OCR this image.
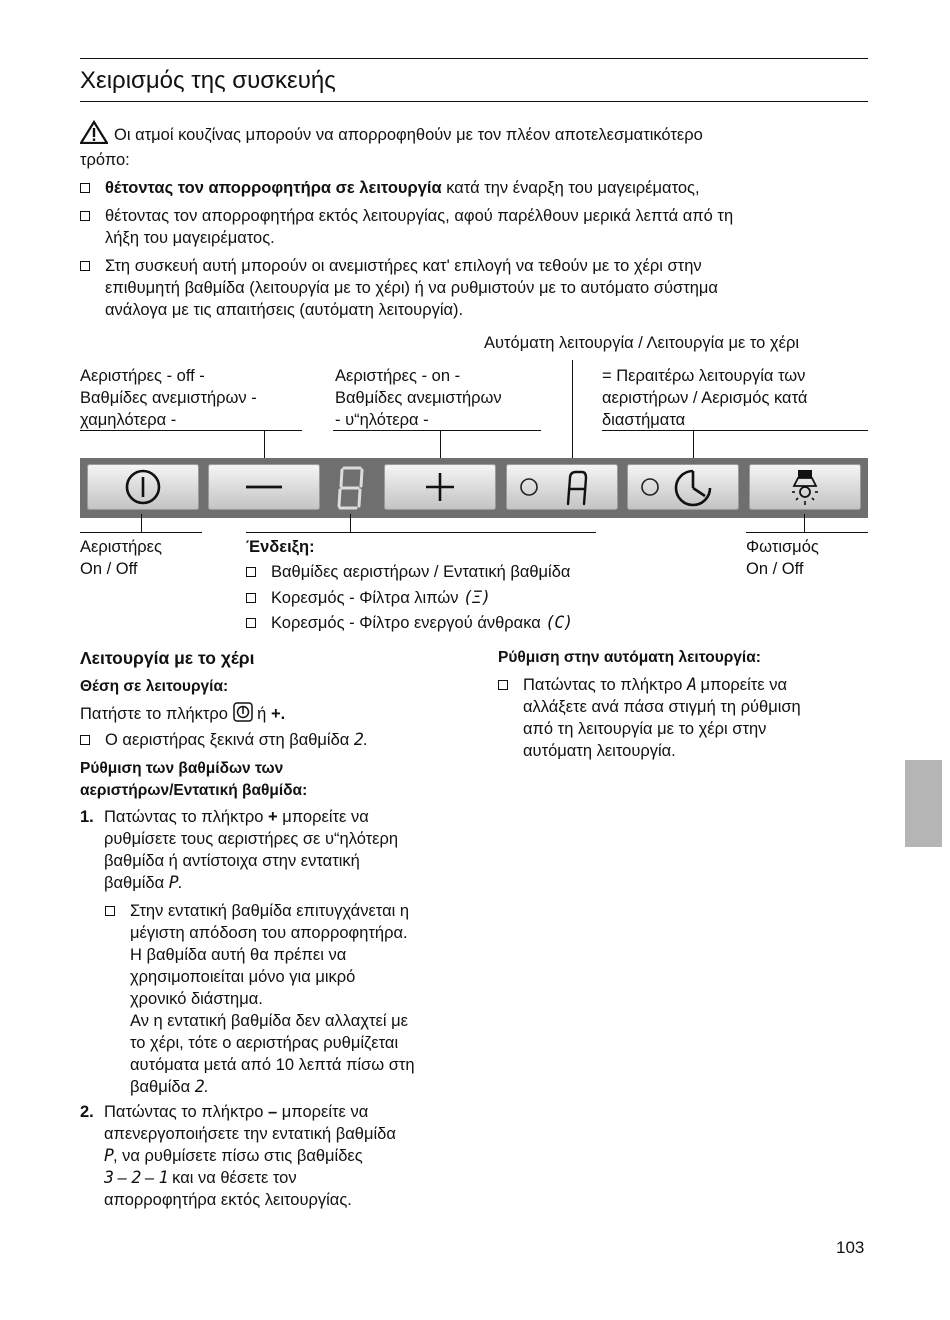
Χειρισμός της συσκευής
Οι ατμοί κουζίνας μπορούν να απορροφηθούν με τον πλέον αποτελεσματικότερο
τρόπο:
θέτοντας τον απορροφητήρα σε λειτουργία κατά την έναρξη του μαγειρέματος,
θέτοντας τον απορροφητήρα εκτός λειτουργίας, αφού παρέλθουν μερικά λεπτά από τη
λήξη του μαγειρέματος.
Στη συσκευή αυτή μπορούν οι ανεμιστήρες κατ' επιλογή να τεθούν με το χέρι στην
επιθυμητή βαθμίδα (λειτουργία με το χέρι) ή να ρυθμιστούν με το αυτόματο σύστημα
ανάλογα με τις απαιτήσεις (αυτόματη λειτουργία).
Αυτόματη λειτουργία / Λειτουργία με το χέρι
Αεριστήρες - off -
Βαθμίδες ανεμιστήρων -
χαμηλότερα -
Αεριστήρες - on -
Βαθμίδες ανεμιστήρων
- υ“ηλότερα -
= Περαιτέρω λειτουργία των
αεριστήρων / Αερισμός κατά
διαστήματα
Αεριστήρες
On / Off
Ένδειξη:
Βαθμίδες αεριστήρων / Εντατική βαθμίδα
Κορεσμός - Φίλτρα λιπών (Ξ)
Κορεσμός - Φίλτρο ενεργού άνθρακα (C)
Φωτισμός
On / Off
Λειτουργία με το χέρι
Θέση σε λειτουργία:
Πατήστε το πλήκτρο ή +.
Ο αεριστήρας ξεκινά στη βαθμίδα 2.
Ρύθμιση των βαθμίδων των
αεριστήρων/Εντατική βαθμίδα:
1. Πατώντας το πλήκτρο + μπορείτε να
ρυθμίσετε τους αεριστήρες σε υ“ηλότερη
βαθμίδα ή αντίστοιχα στην εντατική
βαθμίδα P.
Στην εντατική βαθμίδα επιτυγχάνεται η
μέγιστη απόδοση του απορροφητήρα.
Η βαθμίδα αυτή θα πρέπει να
χρησιμοποιείται μόνο για μικρό
χρονικό διάστημα.
Αν η εντατική βαθμίδα δεν αλλαχτεί με
το χέρι, τότε ο αεριστήρας ρυθμίζεται
αυτόματα μετά από 10 λεπτά πίσω στη
βαθμίδα 2.
2. Πατώντας το πλήκτρο – μπορείτε να
απενεργοποιήσετε την εντατική βαθμίδα
P, να ρυθμίσετε πίσω στις βαθμίδες
3 – 2 – 1 και να θέσετε τον
απορροφητήρα εκτός λειτουργίας.
Ρύθμιση στην αυτόματη λειτουργία:
Πατώντας το πλήκτρο A μπορείτε να
αλλάξετε ανά πάσα στιγμή τη ρύθμιση
από τη λειτουργία με το χέρι στην
αυτόματη λειτουργία.
103
